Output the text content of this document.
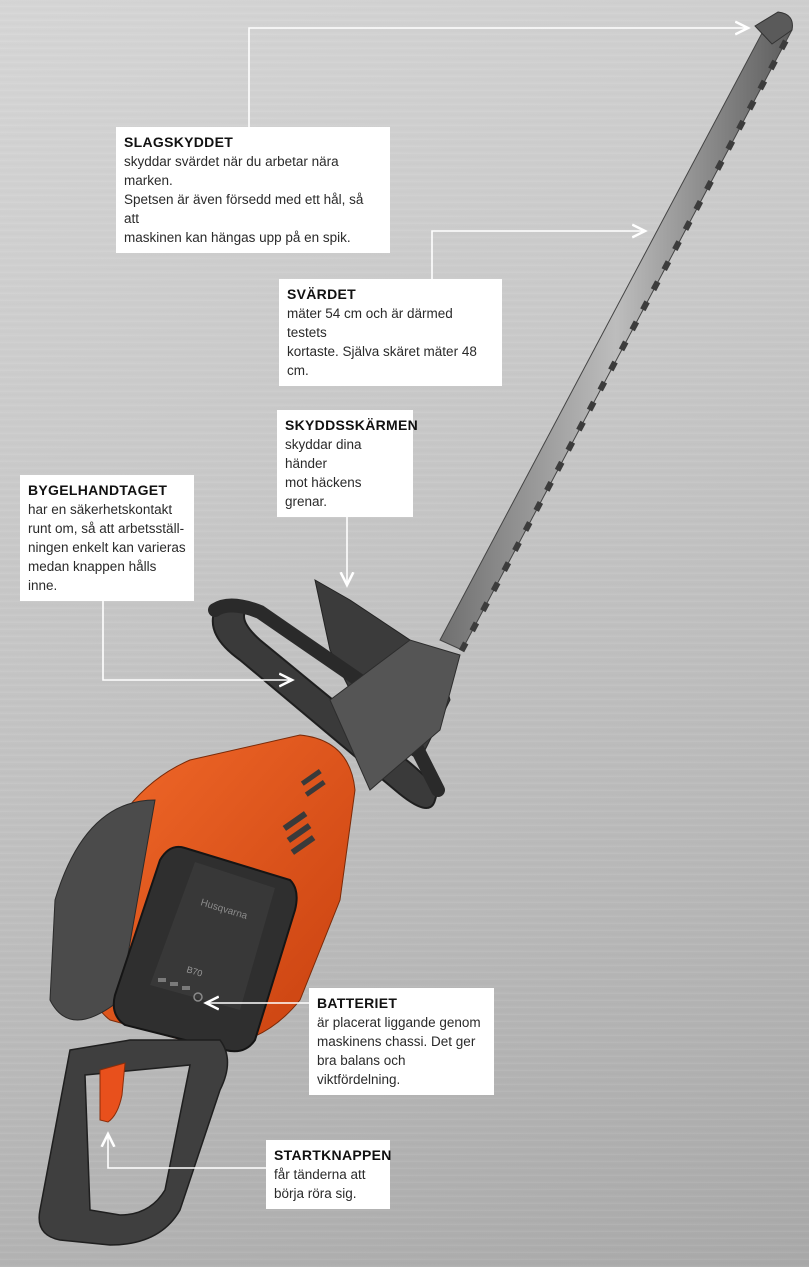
Husqvarna
B70
SLAGSKYDDET
skyddar svärdet när du arbetar nära marken.
Spetsen är även försedd med ett hål, så att
maskinen kan hängas upp på en spik.
SVÄRDET
mäter 54 cm och är därmed testets
kortaste. Själva skäret mäter 48 cm.
SKYDDSSKÄRMEN
skyddar dina händer
mot häckens grenar.
BYGELHANDTAGET
har en säkerhetskontakt
runt om, så att arbetsställ-
ningen enkelt kan varieras
medan knappen hålls inne.
BATTERIET
är placerat liggande genom
maskinens chassi. Det ger
bra balans och viktfördelning.
STARTKNAPPEN
får tänderna att
börja röra sig.
